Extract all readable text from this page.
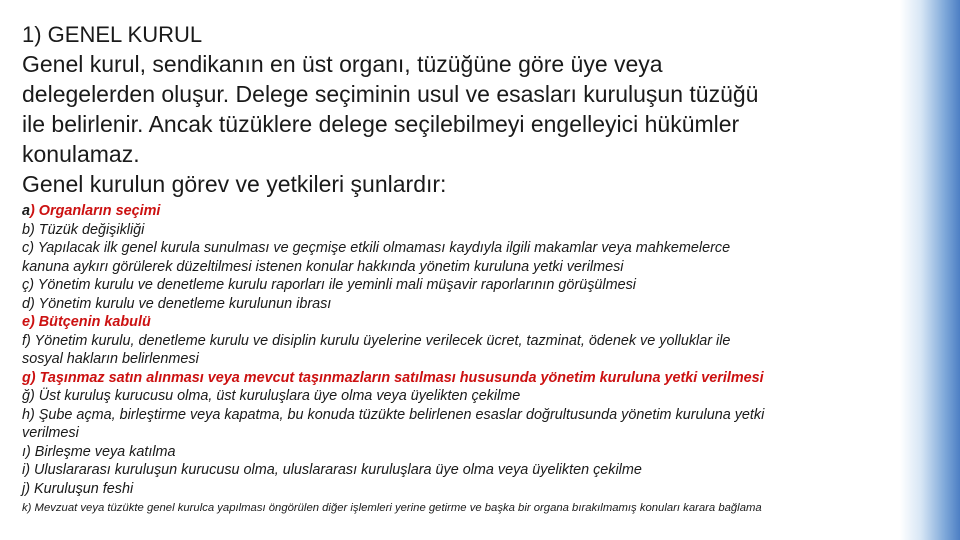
1) GENEL KURUL

Genel kurul, sendikanın en üst organı, tüzüğüne göre üye veya
delegelerden oluşur. Delege seçiminin usul ve esasları kuruluşun tüzüğü
ile belirlenir. Ancak tüzüklere delege seçilebilmeyi engelleyici hükümler
konulamaz.
Genel kurulun görev ve yetkileri şunlardır:

a) Organların seçimi
b) Tüzük değişikliği
c) Yapılacak ilk genel kurula sunulması ve geçmişe etkili olmaması kaydıyla ilgili makamlar veya mahkemelerce
kanuna aykırı görülerek düzeltilmesi istenen konular hakkında yönetim kuruluna yetki verilmesi
ç) Yönetim kurulu ve denetleme kurulu raporları ile yeminli mali müşavir raporlarının görüşülmesi
d) Yönetim kurulu ve denetleme kurulunun ibrası
e) Bütçenin kabulü
f) Yönetim kurulu, denetleme kurulu ve disiplin kurulu üyelerine verilecek ücret, tazminat, ödenek ve yolluklar ile
sosyal hakların belirlenmesi
g) Taşınmaz satın alınması veya mevcut taşınmazların satılması hususunda yönetim kuruluna yetki verilmesi
ğ) Üst kuruluş kurucusu olma, üst kuruluşlara üye olma veya üyelikten çekilme
h) Şube açma, birleştirme veya kapatma, bu konuda tüzükte belirlenen esaslar doğrultusunda yönetim kuruluna yetki
verilmesi
ı) Birleşme veya katılma
i) Uluslararası kuruluşun kurucusu olma, uluslararası kuruluşlara üye olma veya üyelikten çekilme
j) Kuruluşun feshi
k) Mevzuat veya tüzükte genel kurulca yapılması öngörülen diğer işlemleri yerine getirme ve başka bir organa bırakılmamış konuları karara bağlama
